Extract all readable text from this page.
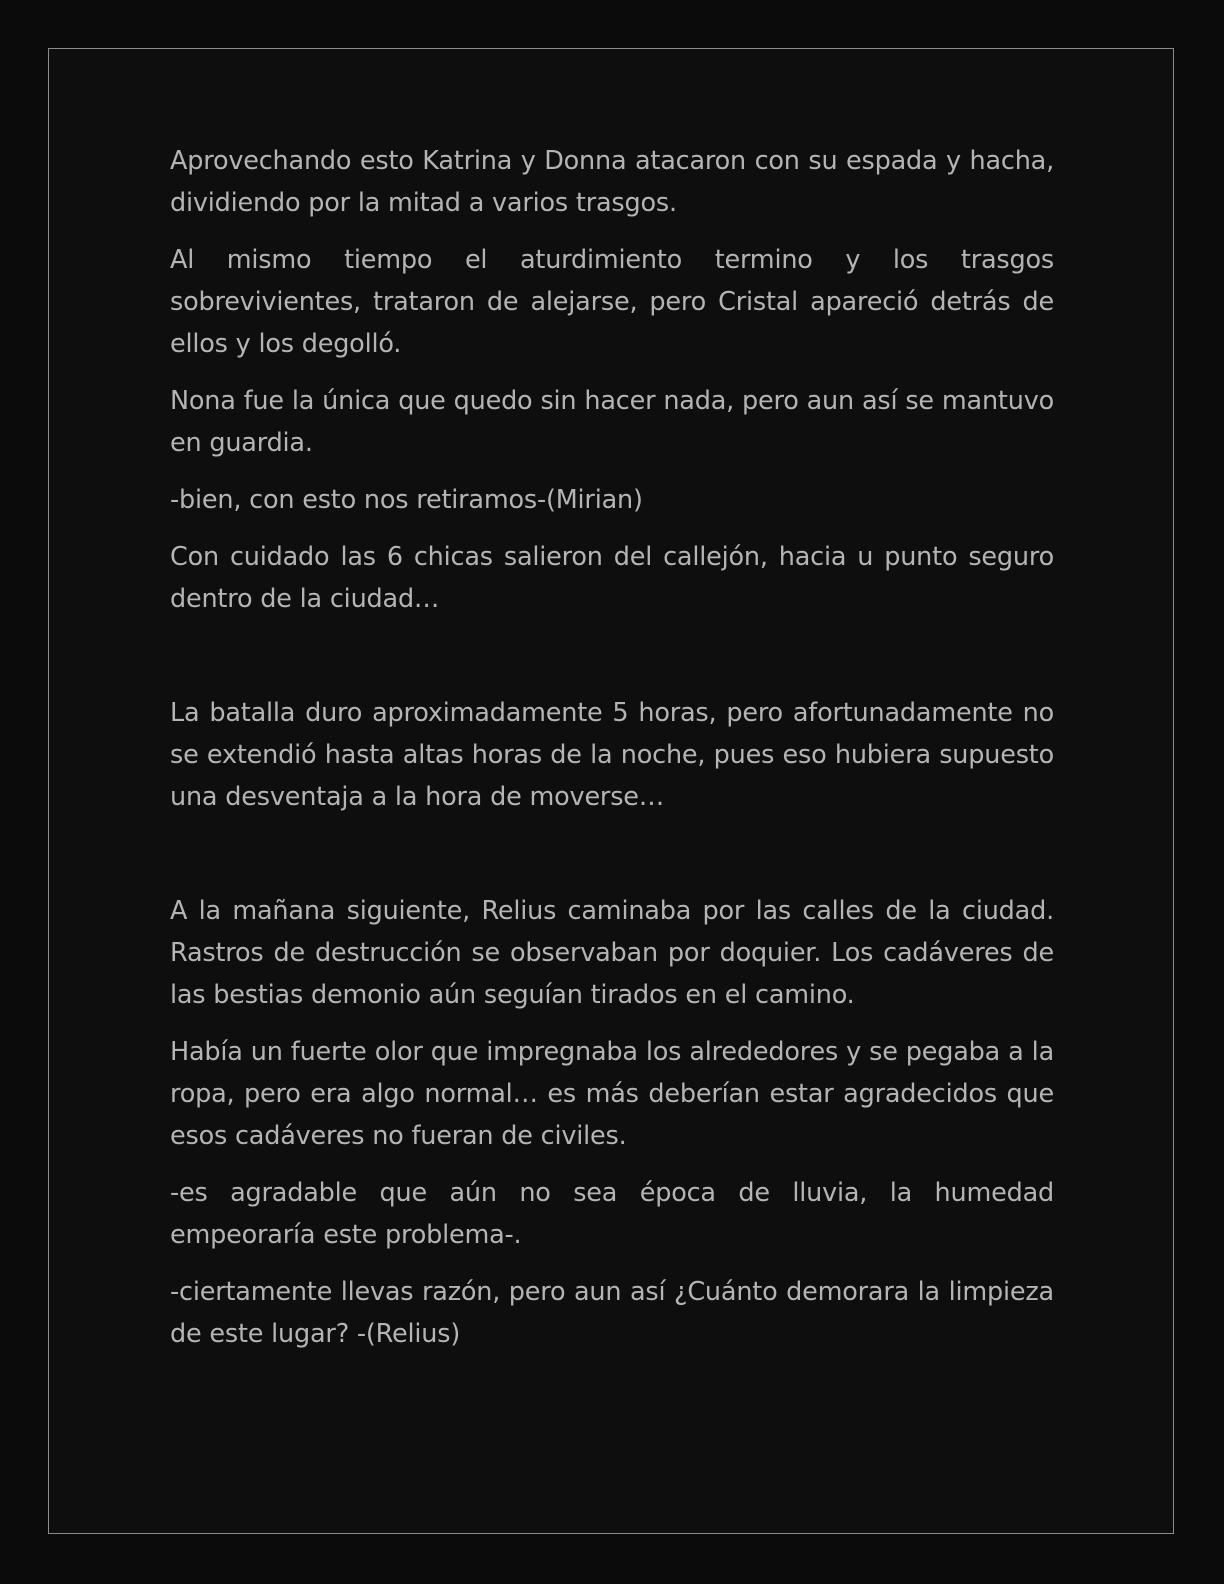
Aprovechando esto Katrina y Donna atacaron con su espada y hacha, dividiendo por la mitad a varios trasgos.

Al mismo tiempo el aturdimiento termino y los trasgos sobrevivientes, trataron de alejarse, pero Cristal apareció detrás de ellos y los degolló.

Nona fue la única que quedo sin hacer nada, pero aun así se mantuvo en guardia.

-bien, con esto nos retiramos-(Mirian)

Con cuidado las 6 chicas salieron del callejón, hacia u punto seguro dentro de la ciudad…

La batalla duro aproximadamente 5 horas, pero afortunadamente no se extendió hasta altas horas de la noche, pues eso hubiera supuesto una desventaja a la hora de moverse…

A la mañana siguiente, Relius caminaba por las calles de la ciudad. Rastros de destrucción se observaban por doquier. Los cadáveres de las bestias demonio aún seguían tirados en el camino.

Había un fuerte olor que impregnaba los alrededores y se pegaba a la ropa, pero era algo normal… es más deberían estar agradecidos que esos cadáveres no fueran de civiles.

-es agradable que aún no sea época de lluvia, la humedad empeoraría este problema-.

-ciertamente llevas razón, pero aun así ¿Cuánto demorara la limpieza de este lugar? -(Relius)
